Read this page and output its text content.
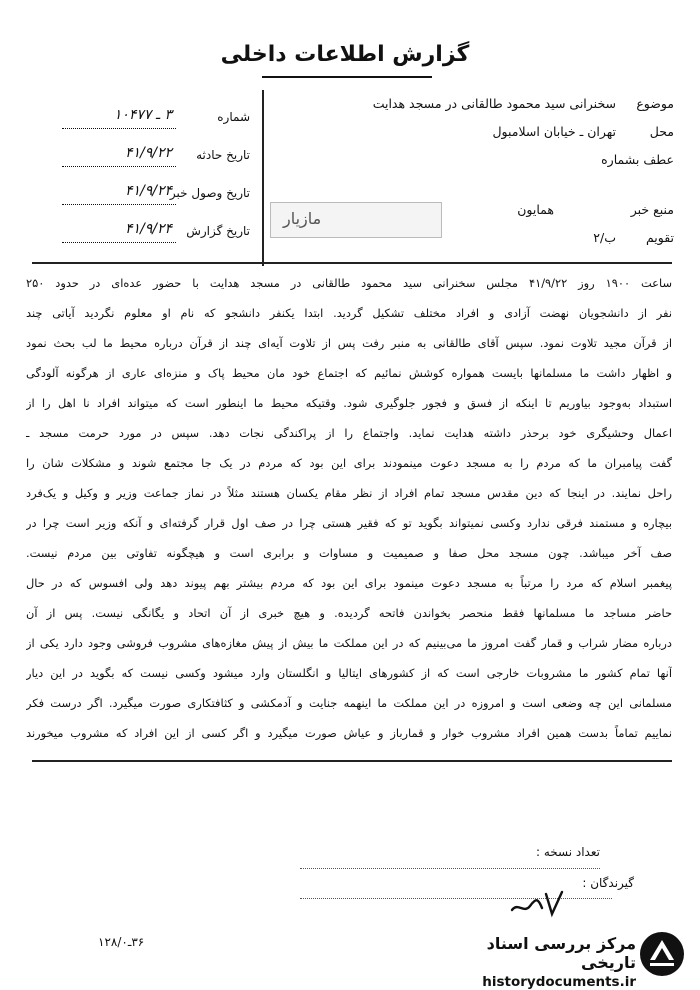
گزارش اطلاعات داخلی
شماره
۳ ـ ۱۰۴۷۷
تاریخ حادثه
۴۱/۹/۲۲
تاریخ وصول خبر
۴۱/۹/۲۴
تاریخ گزارش
۴۱/۹/۲۴
موضوع
سخنرانی سید محمود طالقانی در مسجد هدایت
محل
تهران ـ خیابان اسلامبول
عطف بشماره
منبع خبر
همایون
تقویم
ب/۲
مازیار
ساعت ۱۹۰۰ روز ۴۱/۹/۲۲ مجلس سخنرانی سید محمود طالقانی در مسجد هدایت با حضور عده‌ای در حدود ۲۵۰
نفر از دانشجویان نهضت آزادی و افراد مختلف تشکیل گردید. ابتدا یکنفر دانشجو که نام او معلوم نگردید آیاتی چند
از قرآن مجید تلاوت نمود. سپس آقای طالقانی به منبر رفت پس از تلاوت آیه‌ای چند از قرآن درباره محیط ما لب بحث نمود
و اظهار داشت ما مسلمانها بایست همواره کوشش نمائیم که اجتماع خود مان محیط پاک و منزه‌ای عاری از هرگونه آلودگی
استبداد به‌وجود بیاوریم تا اینکه از فسق و فجور جلوگیری شود. وقتیکه محیط ما اینطور است که میتواند افراد نا اهل را از
اعمال وحشیگری خود برحذر داشته هدایت نماید. واجتماع را از پراکندگی نجات دهد. سپس در مورد حرمت مسجد ـ
گفت پیامبران ما که مردم را به مسجد دعوت مینمودند برای این بود که مردم در یک جا مجتمع شوند و مشکلات شان را
راحل نمایند. در اینجا که دین مقدس مسجد تمام افراد از نظر مقام یکسان هستند مثلاً در نماز جماعت وزیر و وکیل و یک‌فرد
بیچاره و مستمند فرقی ندارد وکسی نمیتواند بگوید تو که فقیر هستی چرا در صف اول قرار گرفته‌ای و آنکه وزیر است چرا در
صف آخر میباشد. چون مسجد محل صفا و صمیمیت و مساوات و برابری است و هیچگونه تفاوتی بین مردم نیست.
پیغمبر اسلام که مرد را مرتباً به مسجد دعوت مینمود برای این بود که مردم بیشتر بهم پیوند دهد ولی افسوس که در حال
حاضر مساجد ما مسلمانها فقط منحصر بخواندن فاتحه گردیده. و هیچ خبری از آن اتحاد و یگانگی نیست. پس از آن
درباره مضار شراب و قمار گفت امروز ما می‌بینیم که در این مملکت ما بیش از پیش مغازه‌های مشروب فروشی وجود دارد یکی از
آنها تمام کشور ما مشروبات خارجی است که از کشورهای ایتالیا و انگلستان وارد میشود وکسی نیست که بگوید در این دیار
مسلمانی این چه وضعی است و امروزه در این مملکت ما اینهمه جنایت و آدمکشی و کثافتکاری صورت میگیرد. اگر درست فکر
نماییم تماماً بدست همین افراد مشروب خوار و قمارباز و عیاش صورت میگیرد و اگر کسی از این افراد که مشروب میخورند
تعداد نسخه :
گیرندگان :
۳۶ـ۱۲۸/۰	مرکز بررسی اسناد تاریخی
historydocuments.ir
